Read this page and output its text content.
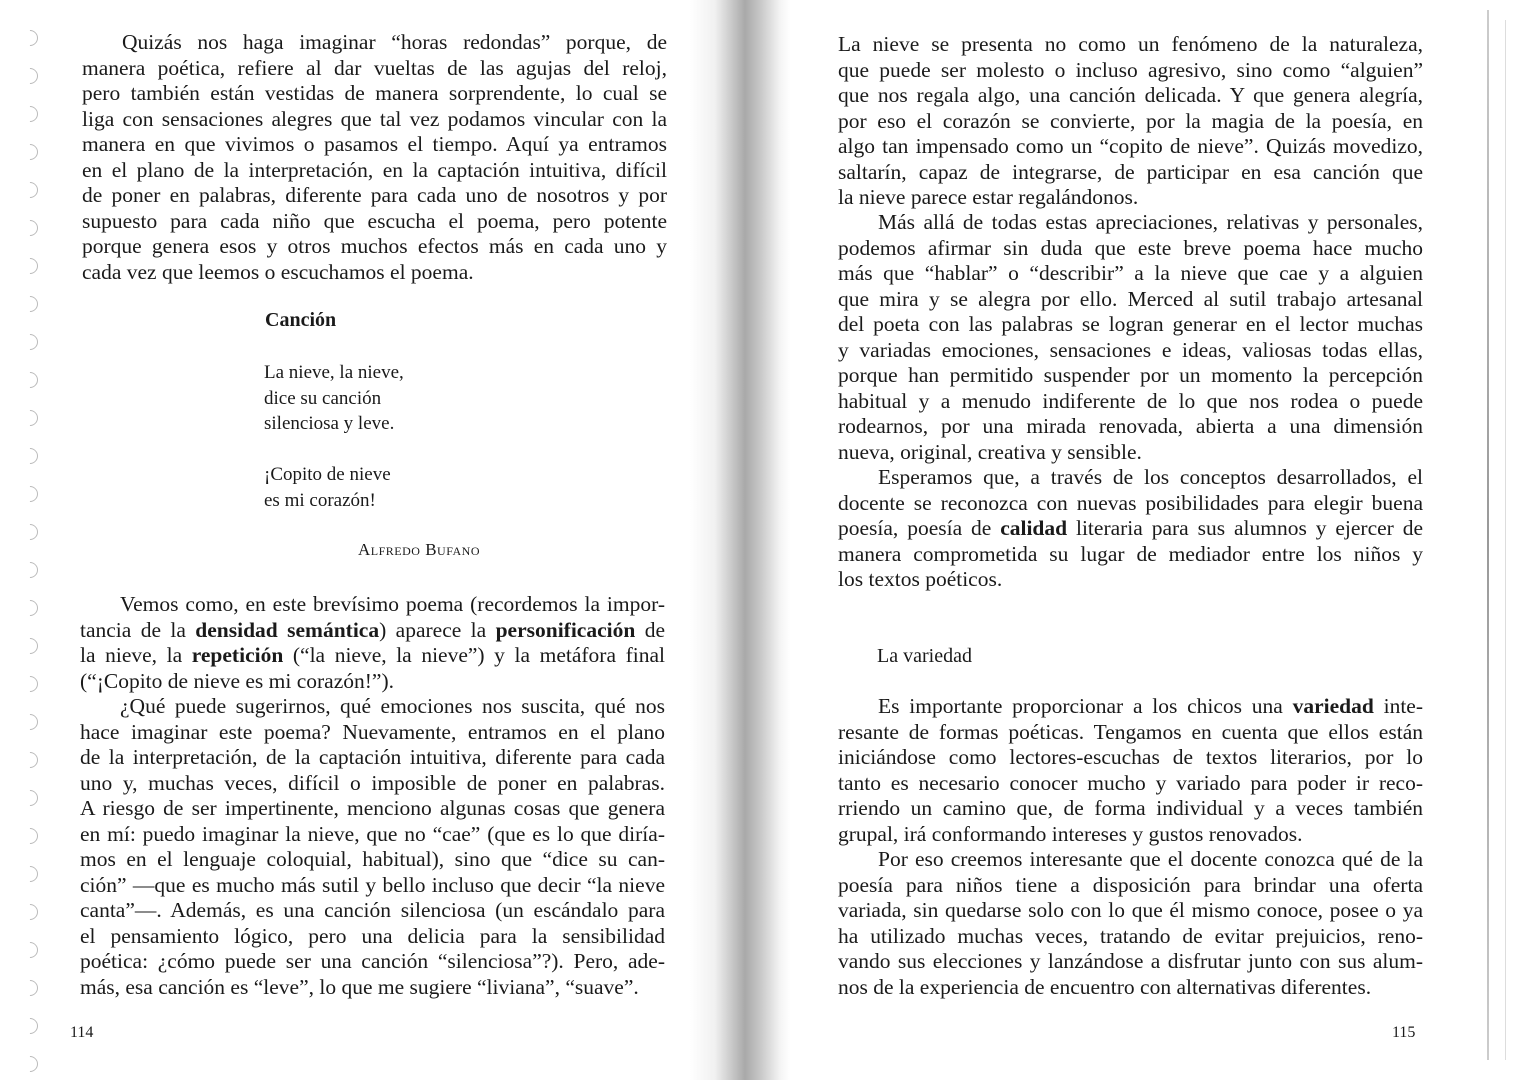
Quizás nos haga imaginar “horas redondas” porque, de
manera poética, refiere al dar vueltas de las agujas del reloj,
pero también están vestidas de manera sorprendente, lo cual se
liga con sensaciones alegres que tal vez podamos vincular con la
manera en que vivimos o pasamos el tiempo. Aquí ya entramos
en el plano de la interpretación, en la captación intuitiva, difícil
de poner en palabras, diferente para cada uno de nosotros y por
supuesto para cada niño que escucha el poema, pero potente
porque genera esos y otros muchos efectos más en cada uno y
cada vez que leemos o escuchamos el poema.
Canción
La nieve, la nieve,
dice su canción
silenciosa y leve.
¡Copito de nieve
es mi corazón!
Alfredo Bufano
Vemos como, en este brevísimo poema (recordemos la impor-
tancia de la densidad semántica) aparece la personificación de
la nieve, la repetición (“la nieve, la nieve”) y la metáfora final
(“¡Copito de nieve es mi corazón!”).
¿Qué puede sugerirnos, qué emociones nos suscita, qué nos
hace imaginar este poema? Nuevamente, entramos en el plano
de la interpretación, de la captación intuitiva, diferente para cada
uno y, muchas veces, difícil o imposible de poner en palabras.
A riesgo de ser impertinente, menciono algunas cosas que genera
en mí: puedo imaginar la nieve, que no “cae” (que es lo que diría-
mos en el lenguaje coloquial, habitual), sino que “dice su can-
ción” —que es mucho más sutil y bello incluso que decir “la nieve
canta”—. Además, es una canción silenciosa (un escándalo para
el pensamiento lógico, pero una delicia para la sensibilidad
poética: ¿cómo puede ser una canción “silenciosa”?). Pero, ade-
más, esa canción es “leve”, lo que me sugiere “liviana”, “suave”.
114
La nieve se presenta no como un fenómeno de la naturaleza,
que puede ser molesto o incluso agresivo, sino como “alguien”
que nos regala algo, una canción delicada. Y que genera alegría,
por eso el corazón se convierte, por la magia de la poesía, en
algo tan impensado como un “copito de nieve”. Quizás movedizo,
saltarín, capaz de integrarse, de participar en esa canción que
la nieve parece estar regalándonos.
Más allá de todas estas apreciaciones, relativas y personales,
podemos afirmar sin duda que este breve poema hace mucho
más que “hablar” o “describir” a la nieve que cae y a alguien
que mira y se alegra por ello. Merced al sutil trabajo artesanal
del poeta con las palabras se logran generar en el lector muchas
y variadas emociones, sensaciones e ideas, valiosas todas ellas,
porque han permitido suspender por un momento la percepción
habitual y a menudo indiferente de lo que nos rodea o puede
rodearnos, por una mirada renovada, abierta a una dimensión
nueva, original, creativa y sensible.
Esperamos que, a través de los conceptos desarrollados, el
docente se reconozca con nuevas posibilidades para elegir buena
poesía, poesía de calidad literaria para sus alumnos y ejercer de
manera comprometida su lugar de mediador entre los niños y
los textos poéticos.
La variedad
Es importante proporcionar a los chicos una variedad inte-
resante de formas poéticas. Tengamos en cuenta que ellos están
iniciándose como lectores-escuchas de textos literarios, por lo
tanto es necesario conocer mucho y variado para poder ir reco-
rriendo un camino que, de forma individual y a veces también
grupal, irá conformando intereses y gustos renovados.
Por eso creemos interesante que el docente conozca qué de la
poesía para niños tiene a disposición para brindar una oferta
variada, sin quedarse solo con lo que él mismo conoce, posee o ya
ha utilizado muchas veces, tratando de evitar prejuicios, reno-
vando sus elecciones y lanzándose a disfrutar junto con sus alum-
nos de la experiencia de encuentro con alternativas diferentes.
115
